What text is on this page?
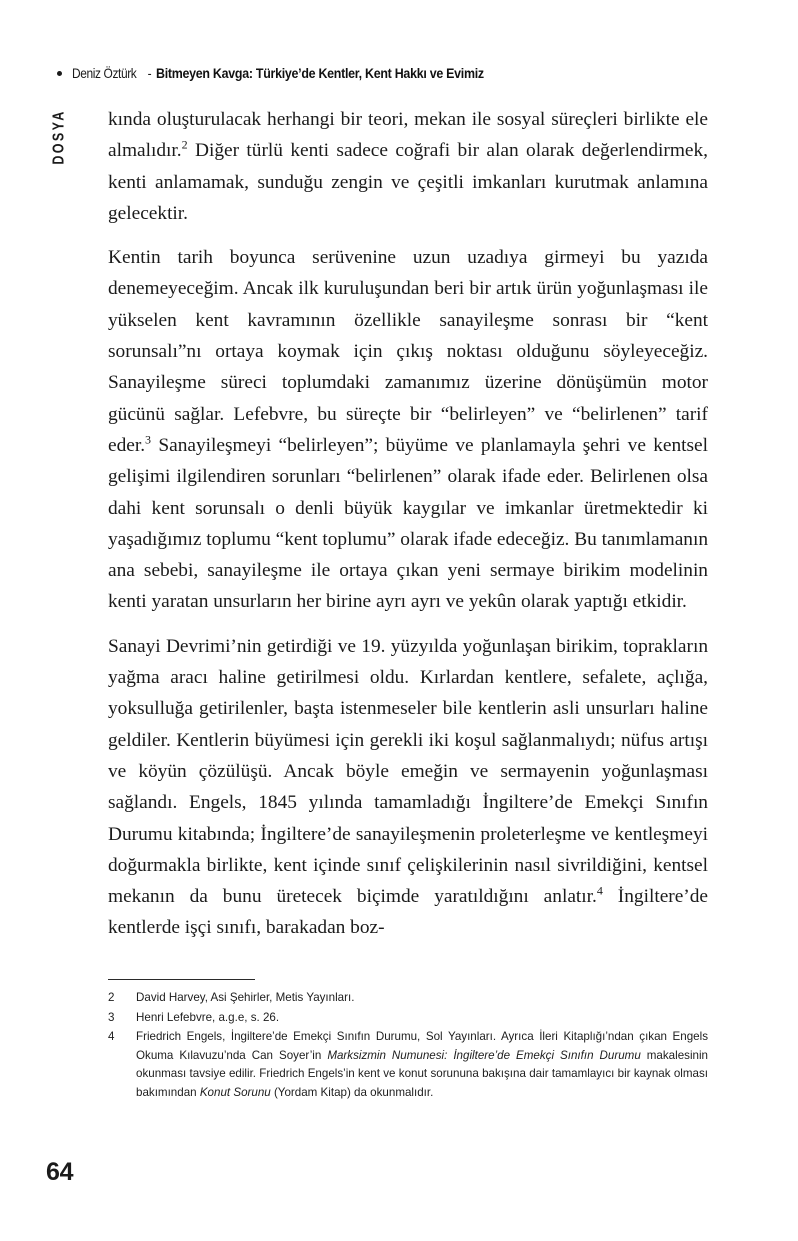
Deniz Öztürk - Bitmeyen Kavga: Türkiye’de Kentler, Kent Hakkı ve Evimiz
DOSYA kında oluşturulacak herhangi bir teori, mekan ile sosyal süreçleri birlikte ele almalıdır.$^2$ Diğer türlü kenti sadece coğrafi bir alan olarak değerlendirmek, kenti anlamamak, sunduğu zengin ve çeşitli imkanları kurutmak anlamına gelecektir.

Kentin tarih boyunca serüvenine uzun uzadıya girmeyi bu yazıda denemeyeceğim. Ancak ilk kuruluşundan beri bir artık ürün yoğunlaşması ile yükselen kent kavramının özellikle sanayileşme sonrası bir “kent sorunsalı”nı ortaya koymak için çıkış noktası olduğunu söyleyeceğiz. Sanayileşme süreci toplumdaki zamanımız üzerine dönüşümün motor gücünü sağlar. Lefebvre, bu süreçte bir “belirleyen” ve “belirlenen” tarif eder.$^3$ Sanayileşmeyi “belirleyen”; büyüme ve planlamayla şehri ve kentsel gelişimi ilgilendiren sorunları “belirlenen” olarak ifade eder. Belirlenen olsa dahi kent sorunsalı o denli büyük kaygılar ve imkanlar üretmektedir ki yaşadığımız toplumu “kent toplumu” olarak ifade edeceğiz. Bu tanımlamanın ana sebebi, sanayileşme ile ortaya çıkan yeni sermaye birikim modelinin kenti yaratan unsurların her birine ayrı ayrı ve yekûn olarak yaptığı etkidir.

Sanayi Devrimi’nin getirdiği ve 19. yüzyılda yoğunlaşan birikim, toprakların yağma aracı haline getirilmesi oldu. Kırlardan kentlere, sefalete, açlığa, yoksulluğa getirilenler, başta istenmeseler bile kentlerin asli unsurları haline geldiler. Kentlerin büyümesi için gerekli iki koşul sağlanmalıydı; nüfus artışı ve köyün çözülüşü. Ancak böyle emeğin ve sermayenin yoğunlaşması sağlandı. Engels, 1845 yılında tamamladığı İngiltere’de Emekçi Sınıfın Durumu kitabında; İngiltere’de sanayileşmenin proleterleşme ve kentleşmeyi doğurmakla birlikte, kent içinde sınıf çelişkilerinin nasıl sivrildiğini, kentsel mekanın da bunu üretecek biçimde yaratıldığını anlatır.$^4$ İngiltere’de kentlerde işçi sınıfı, barakadan boz-

2	David Harvey, Asi Şehirler, Metis Yayınları.
3	Henri Lefebvre, a.g.e, s. 26.
4	Friedrich Engels, İngiltere’de Emekçi Sınıfın Durumu, Sol Yayınları. Ayrıca İleri Kitaplığı’ndan çıkan Engels Okuma Kılavuzu’nda Can Soyer’in Marksizmin Numunesi: İngiltere’de Emekçi Sınıfın Durumu makalesinin okunması tavsiye edilir. Friedrich Engels’in kent ve konut sorununa bakışına dair tamamlayıcı bir kaynak olması bakımından Konut Sorunu (Yordam Kitap) da okunmalıdır.
64
